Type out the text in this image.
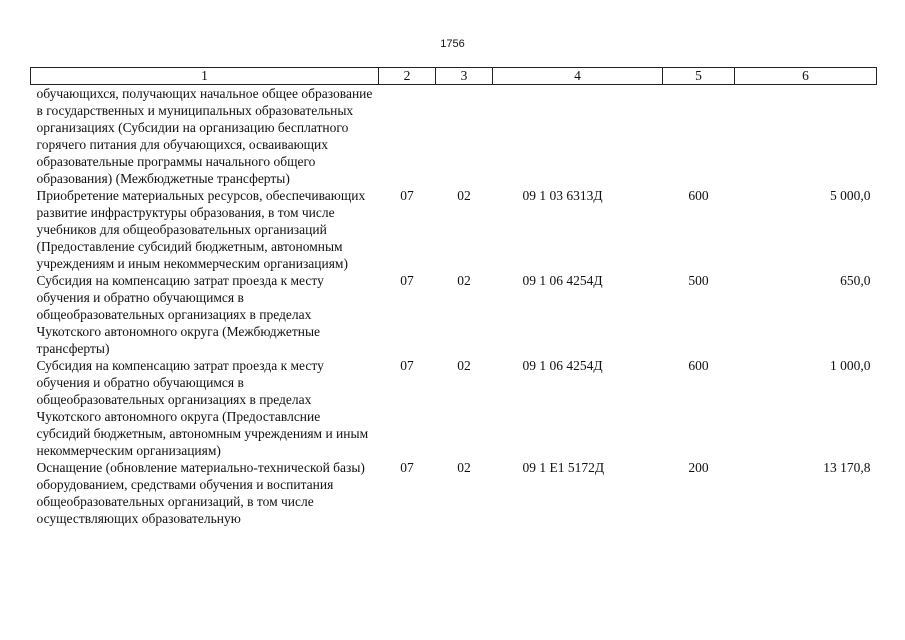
1756
1	2	3	4	5	6
обучающихся, получающих начальное общее образование в государственных и муниципальных образовательных организациях (Субсидии на организацию бесплатного горячего питания для обучающихся, осваивающих образовательные программы начального общего образования) (Межбюджетные трансферты)					
Приобретение материальных ресурсов, обеспечивающих развитие инфраструктуры образования, в том числе учебников для общеобразовательных организаций (Предоставление субсидий бюджетным, автономным учреждениям и иным некоммерческим организациям)	07	02	09 1 03 6313Д	600	5 000,0
Субсидия на компенсацию затрат проезда к месту обучения и обратно обучающимся в общеобразовательных организациях в пределах Чукотского автономного округа (Межбюджетные трансферты)	07	02	09 1 06 4254Д	500	650,0
Субсидия на компенсацию затрат проезда к месту обучения и обратно обучающимся в общеобразовательных организациях в пределах Чукотского автономного округа (Предоставлсние субсидий бюджетным, автономным учреждениям и иным некоммерческим организациям)	07	02	09 1 06 4254Д	600	1 000,0
Оснащение (обновление материально-технической базы) оборудованием, средствами обучения и воспитания общеобразовательных организаций, в том числе осуществляющих образовательную	07	02	09 1 Е1 5172Д	200	13 170,8
